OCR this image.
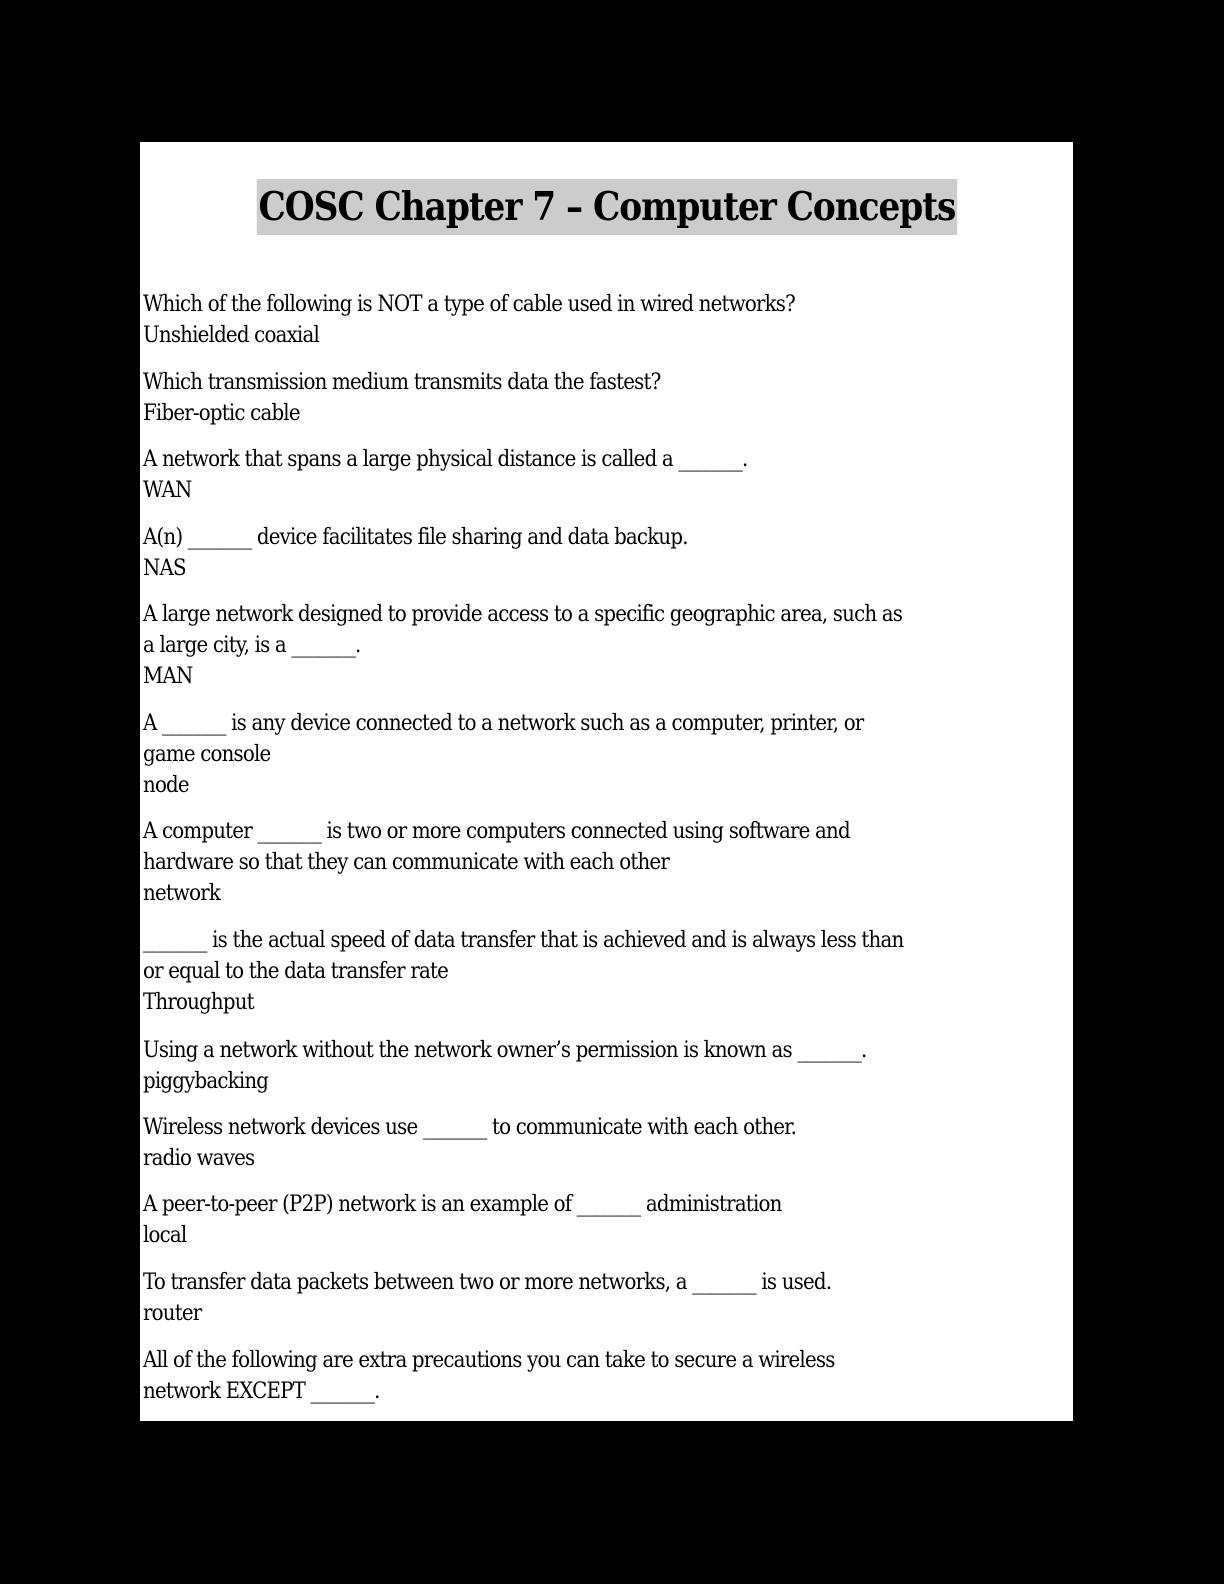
COSC Chapter 7 – Computer Concepts
Which of the following is NOT a type of cable used in wired networks?
Unshielded coaxial
Which transmission medium transmits data the fastest?
Fiber-optic cable
A network that spans a large physical distance is called a _______.
WAN
A(n) _______ device facilitates file sharing and data backup.
NAS
A large network designed to provide access to a specific geographic area, such as
a large city, is a _______.
MAN
A _______ is any device connected to a network such as a computer, printer, or
game console
node
A computer _______ is two or more computers connected using software and
hardware so that they can communicate with each other
network
_______ is the actual speed of data transfer that is achieved and is always less than
or equal to the data transfer rate
Throughput
Using a network without the network owner’s permission is known as _______.
piggybacking
Wireless network devices use _______ to communicate with each other.
radio waves
A peer-to-peer (P2P) network is an example of _______ administration
local
To transfer data packets between two or more networks, a _______ is used.
router
All of the following are extra precautions you can take to secure a wireless
network EXCEPT _______.
